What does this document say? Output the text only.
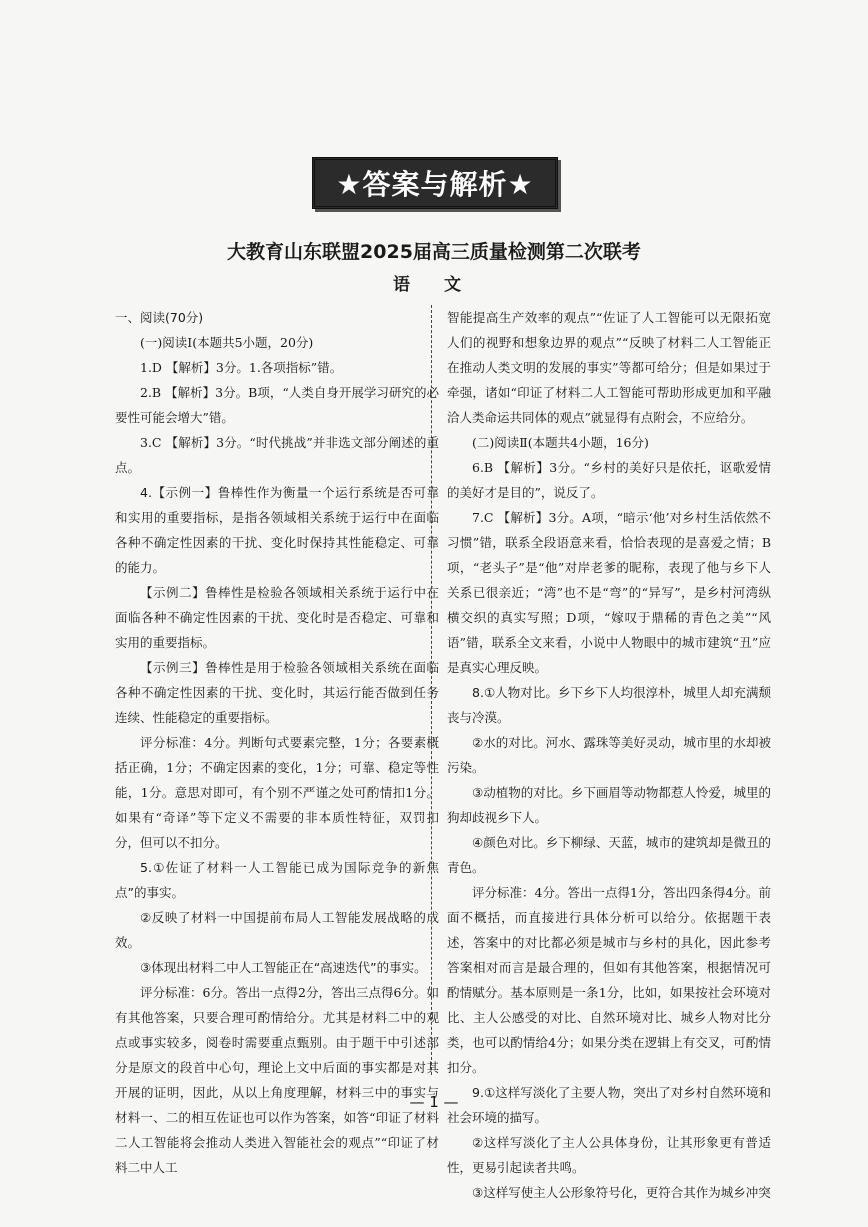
★答案与解析★
大教育山东联盟2025届高三质量检测第二次联考
语 文

一、阅读(70分)

(一)阅读Ⅰ(本题共5小题，20分)

1.D 【解析】3分。1.各项指标”错。

2.B 【解析】3分。B项，“人类自身开展学习研究的必要性可能会增大”错。

3.C 【解析】3分。“时代挑战”并非选文部分阐述的重点。

4.【示例一】鲁棒性作为衡量一个运行系统是否可靠和实用的重要指标，是指各领域相关系统于运行中在面临各种不确定性因素的干扰、变化时保持其性能稳定、可靠的能力。

【示例二】鲁棒性是检验各领域相关系统于运行中在面临各种不确定性因素的干扰、变化时是否稳定、可靠和实用的重要指标。

【示例三】鲁棒性是用于检验各领域相关系统在面临各种不确定性因素的干扰、变化时，其运行能否做到任务连续、性能稳定的重要指标。

评分标准：4分。判断句式要素完整，1分；各要素概括正确，1分；不确定因素的变化，1分；可靠、稳定等性能，1分。意思对即可，有个别不严谨之处可酌情扣1分。如果有“奇译”等下定义不需要的非本质性特征，双罚扣分，但可以不扣分。

5.①佐证了材料一人工智能已成为国际竞争的新焦点”的事实。

②反映了材料一中国提前布局人工智能发展战略的成效。

③体现出材料二中人工智能正在“高速迭代”的事实。

评分标准：6分。答出一点得2分，答出三点得6分。如有其他答案，只要合理可酌情给分。尤其是材料二中的观点或事实较多，阅卷时需要重点甄别。由于题干中引述部分是原文的段首中心句，理论上文中后面的事实都是对其开展的证明，因此，从以上角度理解，材料三中的事实与材料一、二的相互佐证也可以作为答案，如答“印证了材料二人工智能将会推动人类进入智能社会的观点”“印证了材料二中人工

智能提高生产效率的观点”“佐证了人工智能可以无限拓宽人们的视野和想象边界的观点”“反映了材料二人工智能正在推动人类文明的发展的事实”等都可给分；但是如果过于牵强，诸如“印证了材料二人工智能可帮助形成更加和平融洽人类命运共同体的观点”就显得有点附会，不应给分。

(二)阅读Ⅱ(本题共4小题，16分)

6.B 【解析】3分。“乡村的美好只是依托，讴歌爱情的美好才是目的”，说反了。

7.C 【解析】3分。A项，“暗示‘他’对乡村生活依然不习惯”错，联系全段语意来看，恰恰表现的是喜爱之情；B项，“老头子”是“他”对岸老爹的昵称，表现了他与乡下人关系已很亲近；“湾”也不是“弯”的“异写”，是乡村河湾纵横交织的真实写照；D项，“嫁叹于鼎稀的青色之美”“风语”错，联系全文来看，小说中人物眼中的城市建筑“丑”应是真实心理反映。

8.①人物对比。乡下乡下人均很淳朴，城里人却充满颓丧与冷漠。

②水的对比。河水、露珠等美好灵动，城市里的水却被污染。

③动植物的对比。乡下画眉等动物都惹人怜爱，城里的狗却歧视乡下人。

④颜色对比。乡下柳绿、天蓝，城市的建筑却是微丑的青色。

评分标准：4分。答出一点得1分，答出四条得4分。前面不概括，而直接进行具体分析可以给分。依据题干表述，答案中的对比都必须是城市与乡村的具化，因此参考答案相对而言是最合理的，但如有其他答案，根据情况可酌情赋分。基本原则是一条1分，比如，如果按社会环境对比、主人公感受的对比、自然环境对比、城乡人物对比分类，也可以酌情给4分；如果分类在逻辑上有交叉，可酌情扣分。

9.①这样写淡化了主要人物，突出了对乡村自然环境和社会环境的描写。

②这样写淡化了主人公具体身份，让其形象更有普适性，更易引起读者共鸣。

③这样写使主人公形象符号化，更符合其作为城乡冲突

— 1 —
